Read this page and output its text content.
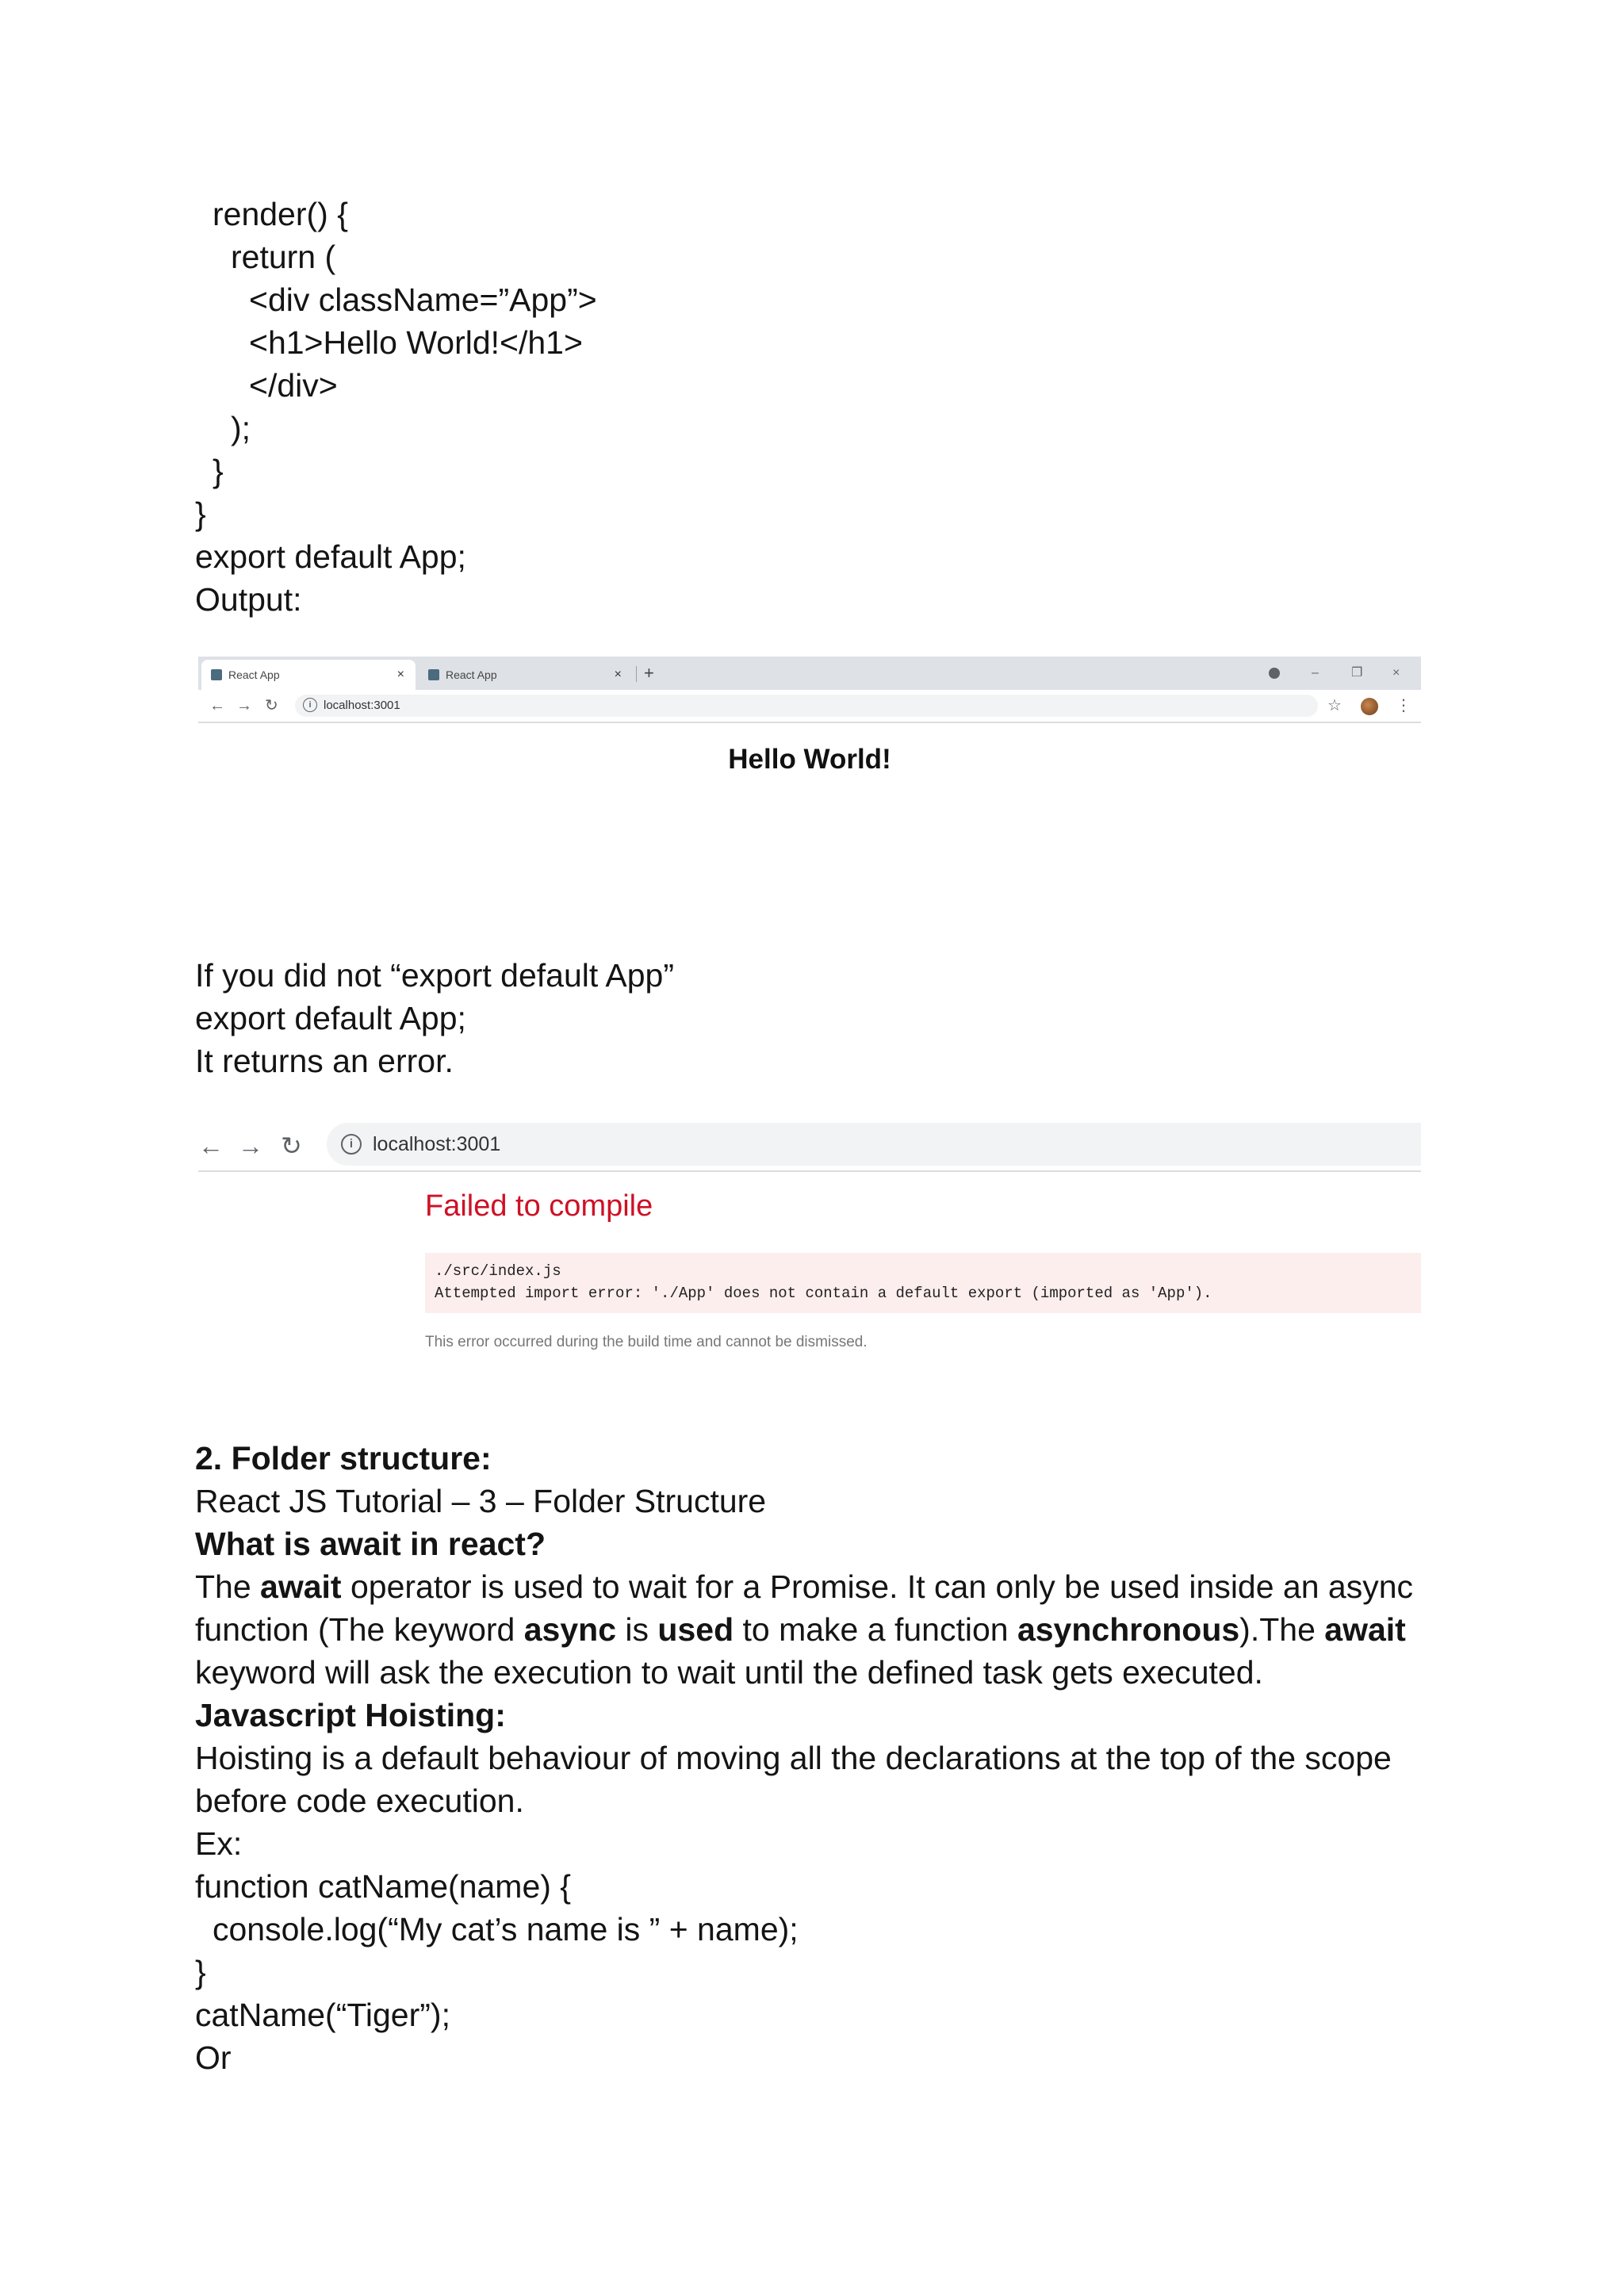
render() {
return (
<div className=”App”>
<h1>Hello World!</h1>
</div>
);
}
}
export default App;
Output:
React App	×	React App	× +	–	❐ ×
← → ↻	i	localhost:3001	☆	⋮
Hello World!
If you did not “export default App”
export default App;
It returns an error.
← → ↻	i localhost:3001
Failed to compile
./src/index.js
Attempted import error: './App' does not contain a default export (imported as 'App').
This error occurred during the build time and cannot be dismissed.
2. Folder structure:
React JS Tutorial – 3 – Folder Structure
What is await in react?
The await operator is used to wait for a Promise. It can only be used inside an async
function (The keyword async is used to make a function asynchronous).The await
keyword will ask the execution to wait until the defined task gets executed.
Javascript Hoisting:
Hoisting is a default behaviour of moving all the declarations at the top of the scope
before code execution.
Ex:
function catName(name) {
console.log(“My cat’s name is ” + name);
}
catName(“Tiger”);
Or
